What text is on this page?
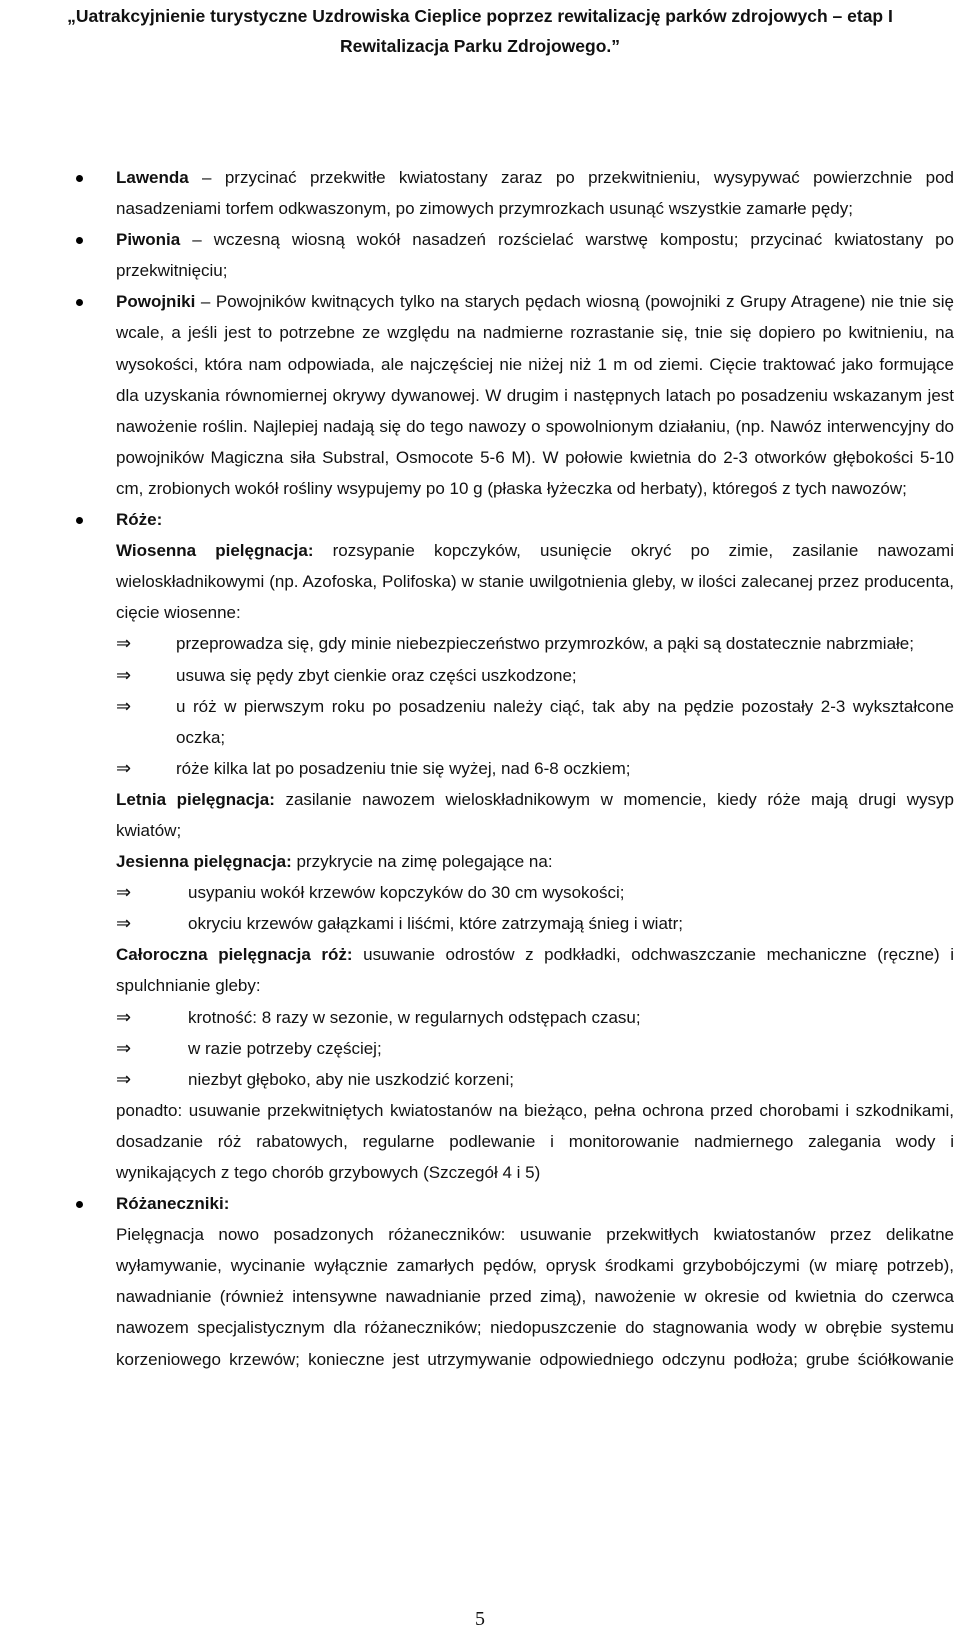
„Uatrakcyjnienie turystyczne Uzdrowiska Cieplice poprzez rewitalizację parków zdrojowych – etap I
Rewitalizacja Parku Zdrojowego.”
Lawenda – przycinać przekwitłe kwiatostany zaraz po przekwitnieniu, wysypywać powierzchnie pod nasadzeniami torfem odkwaszonym, po zimowych przymrozkach usunąć wszystkie zamarłe pędy;
Piwonia – wczesną wiosną wokół nasadzeń rozścielać warstwę kompostu; przycinać kwiatostany po przekwitnięciu;
Powojniki – Powojników kwitnących tylko na starych pędach wiosną (powojniki z Grupy Atragene) nie tnie się wcale, a jeśli jest to potrzebne ze względu na nadmierne rozrastanie się, tnie się dopiero po kwitnieniu, na wysokości, która nam odpowiada, ale najczęściej nie niżej niż 1 m od ziemi. Cięcie traktować jako formujące dla uzyskania równomiernej okrywy dywanowej. W drugim i następnych latach po posadzeniu wskazanym jest nawożenie roślin. Najlepiej nadają się do tego nawozy o spowolnionym działaniu, (np. Nawóz interwencyjny do powojników Magiczna siła Substral, Osmocote 5-6 M). W połowie kwietnia do 2-3 otworków głębokości 5-10 cm, zrobionych wokół rośliny wsypujemy po 10 g (płaska łyżeczka od herbaty), któregoś z tych nawozów;
Róże:
Wiosenna pielęgnacja: rozsypanie kopczyków, usunięcie okryć po zimie, zasilanie nawozami wieloskładnikowymi (np. Azofoska, Polifoska) w stanie uwilgotnienia gleby, w ilości zalecanej przez producenta, cięcie wiosenne:
⇒	przeprowadza się, gdy minie niebezpieczeństwo przymrozków, a pąki są dostatecznie nabrzmiałe;
⇒	usuwa się pędy zbyt cienkie oraz części uszkodzone;
⇒	u róż w pierwszym roku po posadzeniu należy ciąć, tak aby na pędzie pozostały 2-3 wykształcone oczka;
⇒	róże kilka lat po posadzeniu tnie się wyżej, nad 6-8 oczkiem;
Letnia pielęgnacja: zasilanie nawozem wieloskładnikowym w momencie, kiedy róże mają drugi wysyp kwiatów;
Jesienna pielęgnacja: przykrycie na zimę polegające na:
⇒	usypaniu wokół krzewów kopczyków do 30 cm wysokości;
⇒	okryciu krzewów gałązkami i liśćmi, które zatrzymają śnieg i wiatr;
Całoroczna pielęgnacja róż: usuwanie odrostów z podkładki, odchwaszczanie mechaniczne (ręczne) i spulchnianie gleby:
⇒	krotność: 8 razy w sezonie, w regularnych odstępach czasu;
⇒	w razie potrzeby częściej;
⇒	niezbyt głęboko, aby nie uszkodzić korzeni;
ponadto: usuwanie przekwitniętych kwiatostanów na bieżąco, pełna ochrona przed chorobami i szkodnikami, dosadzanie róż rabatowych, regularne podlewanie i monitorowanie nadmiernego zalegania wody i wynikających z tego chorób grzybowych (Szczegół 4 i 5)
Różaneczniki:
Pielęgnacja nowo posadzonych różaneczników: usuwanie przekwitłych kwiatostanów przez delikatne wyłamywanie, wycinanie wyłącznie zamarłych pędów, oprysk środkami grzybobójczymi (w miarę potrzeb), nawadnianie (również intensywne nawadnianie przed zimą), nawożenie w okresie od kwietnia do czerwca nawozem specjalistycznym dla różaneczników; niedopuszczenie do stagnowania wody w obrębie systemu korzeniowego krzewów; konieczne jest utrzymywanie odpowiedniego odczynu podłoża; grube ściółkowanie
5
